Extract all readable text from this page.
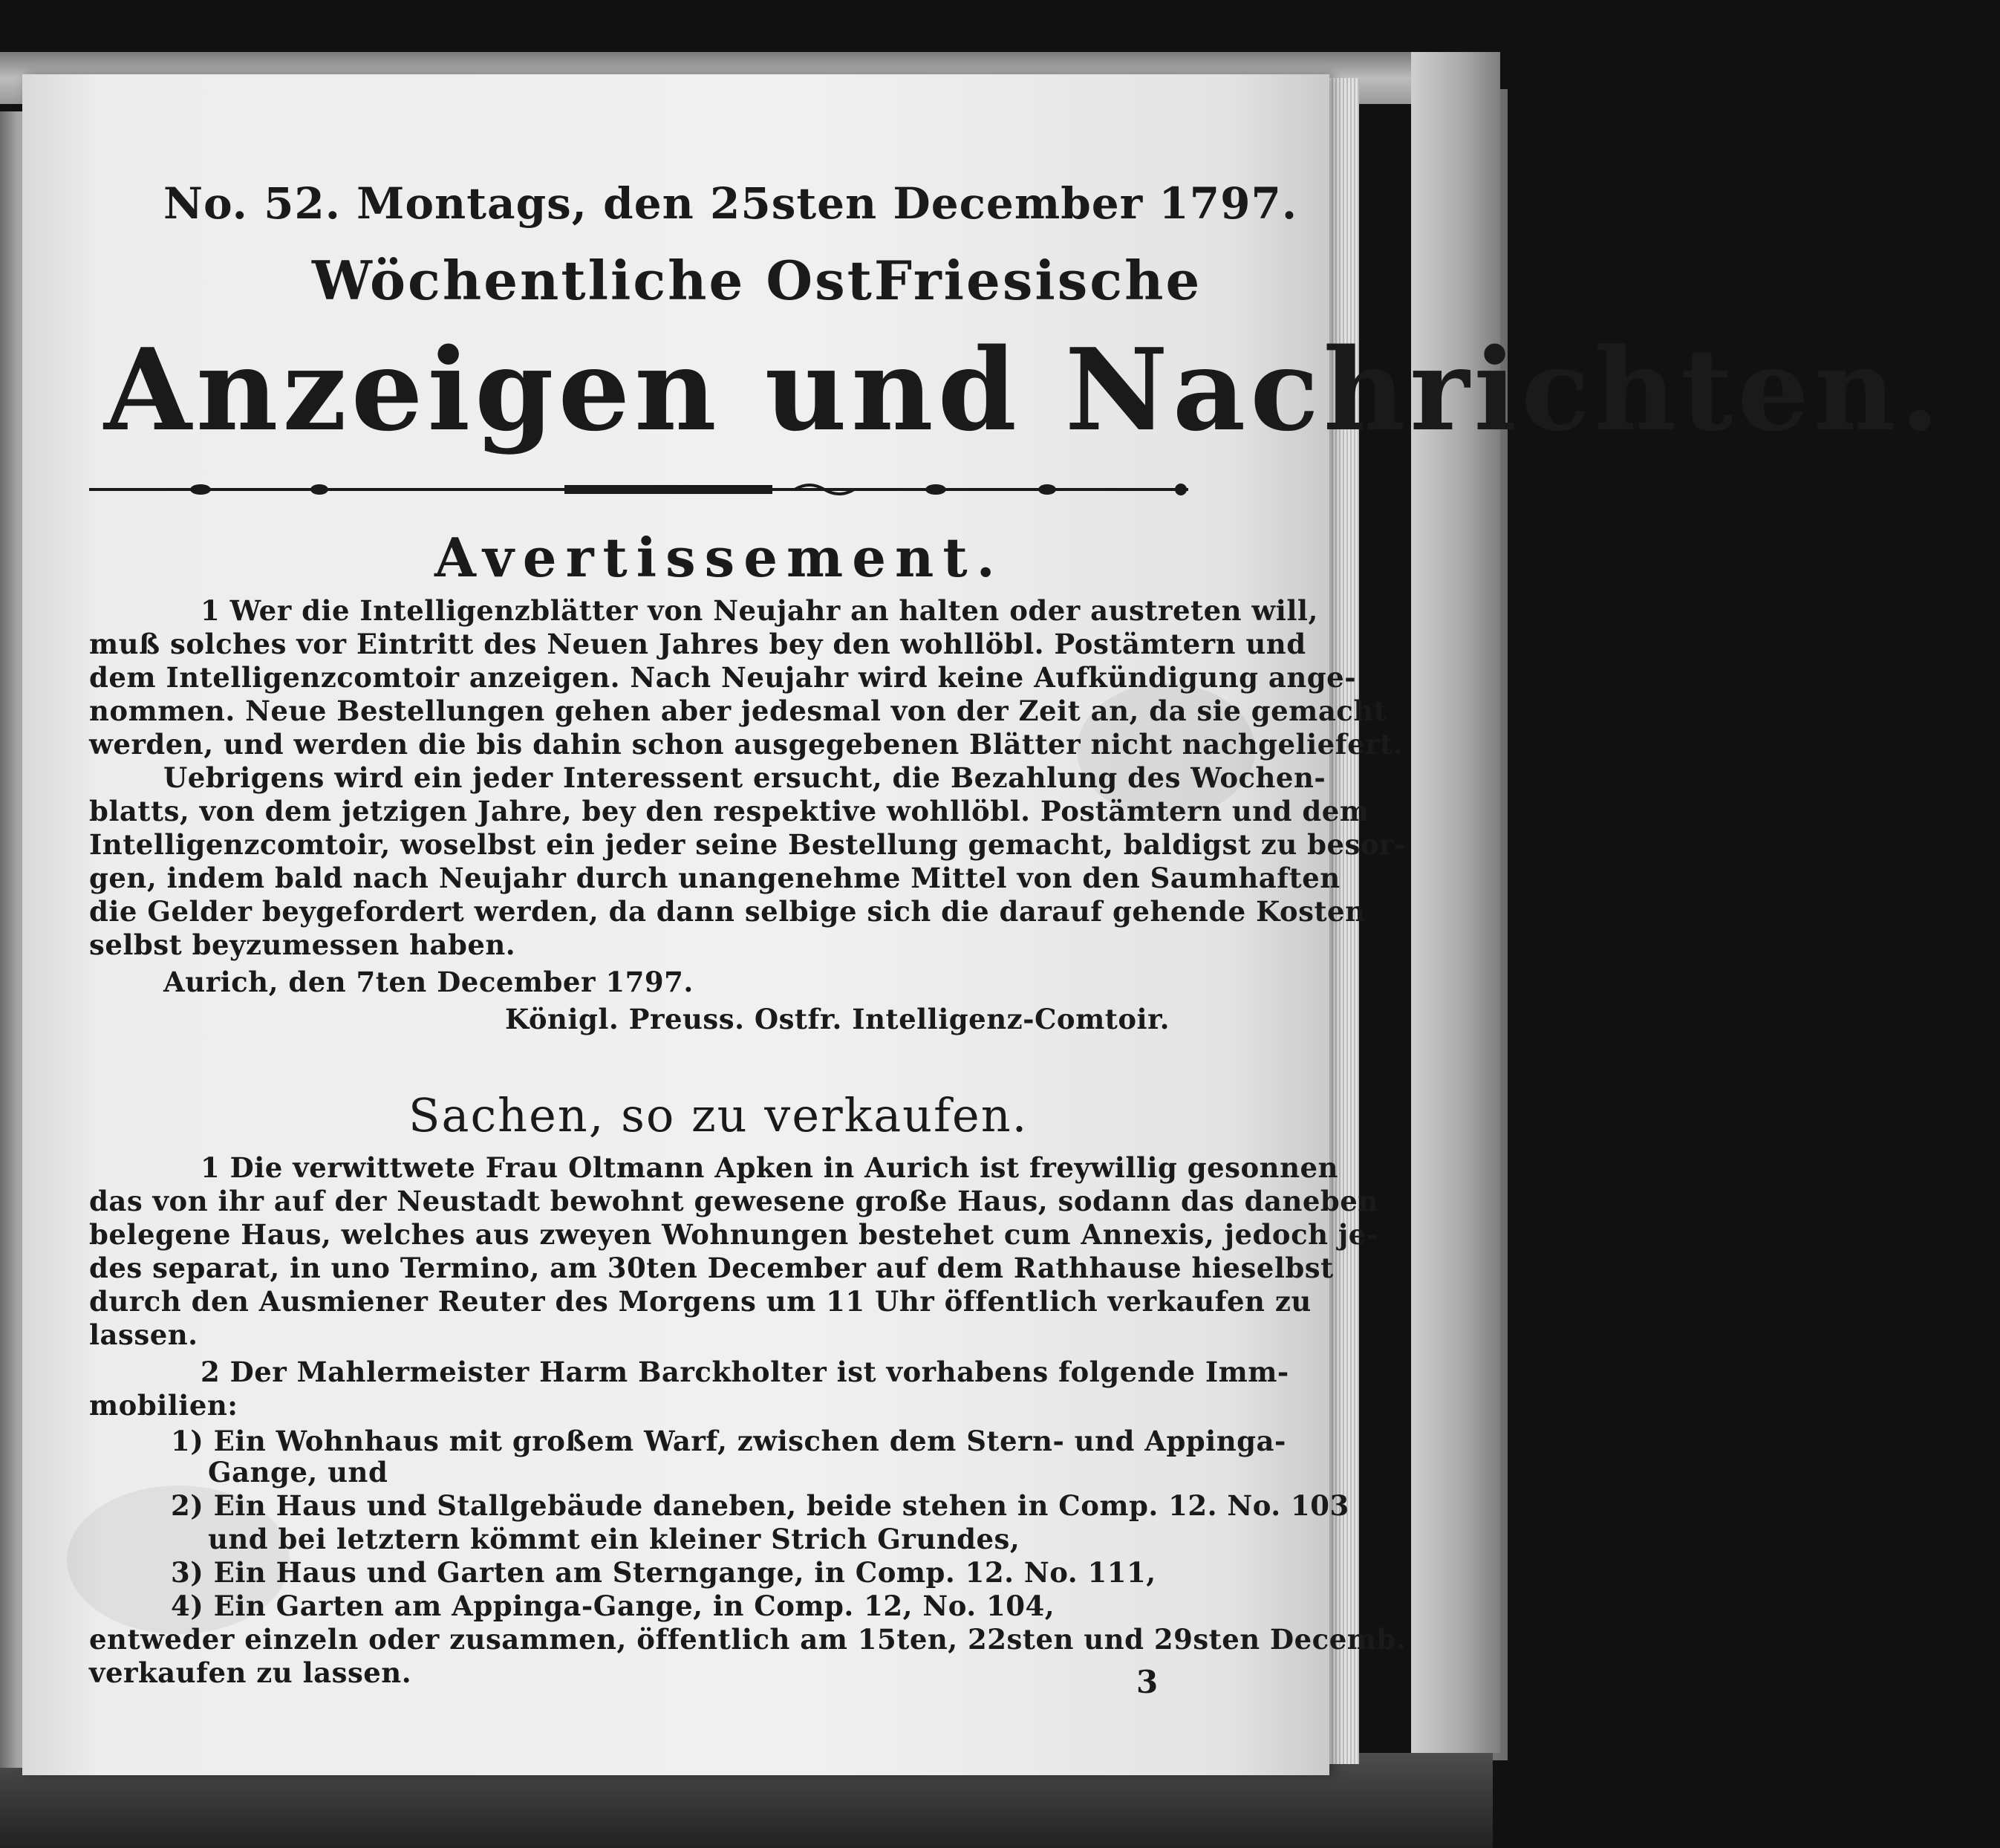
No. 52. Montags, den 25sten December 1797.
Wöchentliche OstFriesische
Anzeigen und Nachrichten.
Avertissement.
1 Wer die Intelligenzblätter von Neujahr an halten oder austreten will,
muß solches vor Eintritt des Neuen Jahres bey den wohllöbl. Postämtern und
dem Intelligenzcomtoir anzeigen. Nach Neujahr wird keine Aufkündigung ange-
nommen. Neue Bestellungen gehen aber jedesmal von der Zeit an, da sie gemacht
werden, und werden die bis dahin schon ausgegebenen Blätter nicht nachgeliefert.
Uebrigens wird ein jeder Interessent ersucht, die Bezahlung des Wochen-
blatts, von dem jetzigen Jahre, bey den respektive wohllöbl. Postämtern und dem
Intelligenzcomtoir, woselbst ein jeder seine Bestellung gemacht, baldigst zu besor-
gen, indem bald nach Neujahr durch unangenehme Mittel von den Saumhaften
die Gelder beygefordert werden, da dann selbige sich die darauf gehende Kosten
selbst beyzumessen haben.
Aurich, den 7ten December 1797.
Königl. Preuss. Ostfr. Intelligenz-Comtoir.
Sachen, so zu verkaufen.
1 Die verwittwete Frau Oltmann Apken in Aurich ist freywillig gesonnen
das von ihr auf der Neustadt bewohnt gewesene große Haus, sodann das daneben
belegene Haus, welches aus zweyen Wohnungen bestehet cum Annexis, jedoch je-
des separat, in uno Termino, am 30ten December auf dem Rathhause hieselbst
durch den Ausmiener Reuter des Morgens um 11 Uhr öffentlich verkaufen zu
lassen.
2 Der Mahlermeister Harm Barckholter ist vorhabens folgende Imm-
mobilien:
1) Ein Wohnhaus mit großem Warf, zwischen dem Stern- und Appinga-
Gange, und
2) Ein Haus und Stallgebäude daneben, beide stehen in Comp. 12. No. 103
und bei letztern kömmt ein kleiner Strich Grundes,
3) Ein Haus und Garten am Sterngange, in Comp. 12. No. 111,
4) Ein Garten am Appinga-Gange, in Comp. 12, No. 104,
entweder einzeln oder zusammen, öffentlich am 15ten, 22sten und 29sten Decemb.
verkaufen zu lassen.	3
